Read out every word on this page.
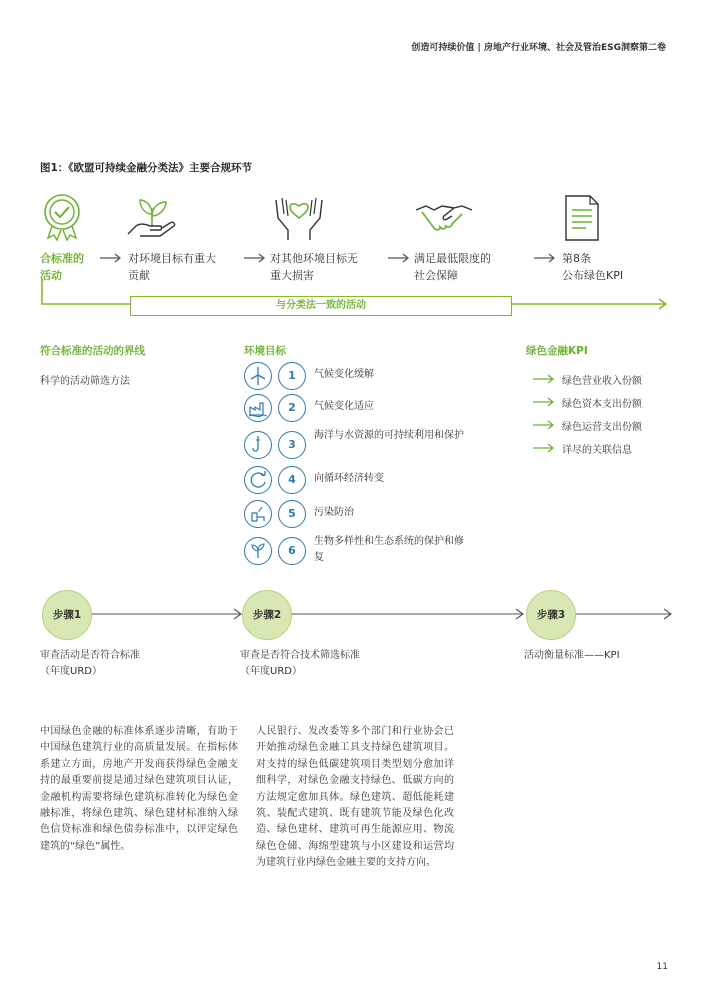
创造可持续价值 | 房地产行业环境、社会及管治ESG洞察第二卷
图1：《欧盟可持续金融分类法》主要合规环节
合标准的
活动
对环境目标有重大
贡献
对其他环境目标无
重大损害
满足最低限度的
社会保障
第8条
公布绿色KPI
与分类法一致的活动
符合标准的活动的界线
科学的活动筛选方法
环境目标
1	气候变化缓解
2	气候变化适应
3
海洋与水资源的可持续利用和保护
4	向循环经济转变
5	污染防治
6
生物多样性和生态系统的保护和修复
绿色金融KPI
绿色营业收入份额
绿色资本支出份额
绿色运营支出份额
详尽的关联信息
步骤1	步骤2	步骤3
审查活动是否符合标准
（年度URD）
审查是否符合技术筛选标准
（年度URD）
活动衡量标准——KPI
中国绿色金融的标准体系逐步清晰，有助于中国绿色建筑行业的高质量发展。在指标体系建立方面，房地产开发商获得绿色金融支持的最重要前提是通过绿色建筑项目认证，金融机构需要将绿色建筑标准转化为绿色金融标准，将绿色建筑、绿色建材标准纳入绿色信贷标准和绿色债券标准中，以评定绿色建筑的“绿色”属性。
人民银行、发改委等多个部门和行业协会已开始推动绿色金融工具支持绿色建筑项目。对支持的绿色低碳建筑项目类型划分愈加详细科学，对绿色金融支持绿色、低碳方向的方法规定愈加具体。绿色建筑、超低能耗建筑、装配式建筑、既有建筑节能及绿色化改造、绿色建材、建筑可再生能源应用、物流绿色仓储、海绵型建筑与小区建设和运营均为建筑行业内绿色金融主要的支持方向。
11
